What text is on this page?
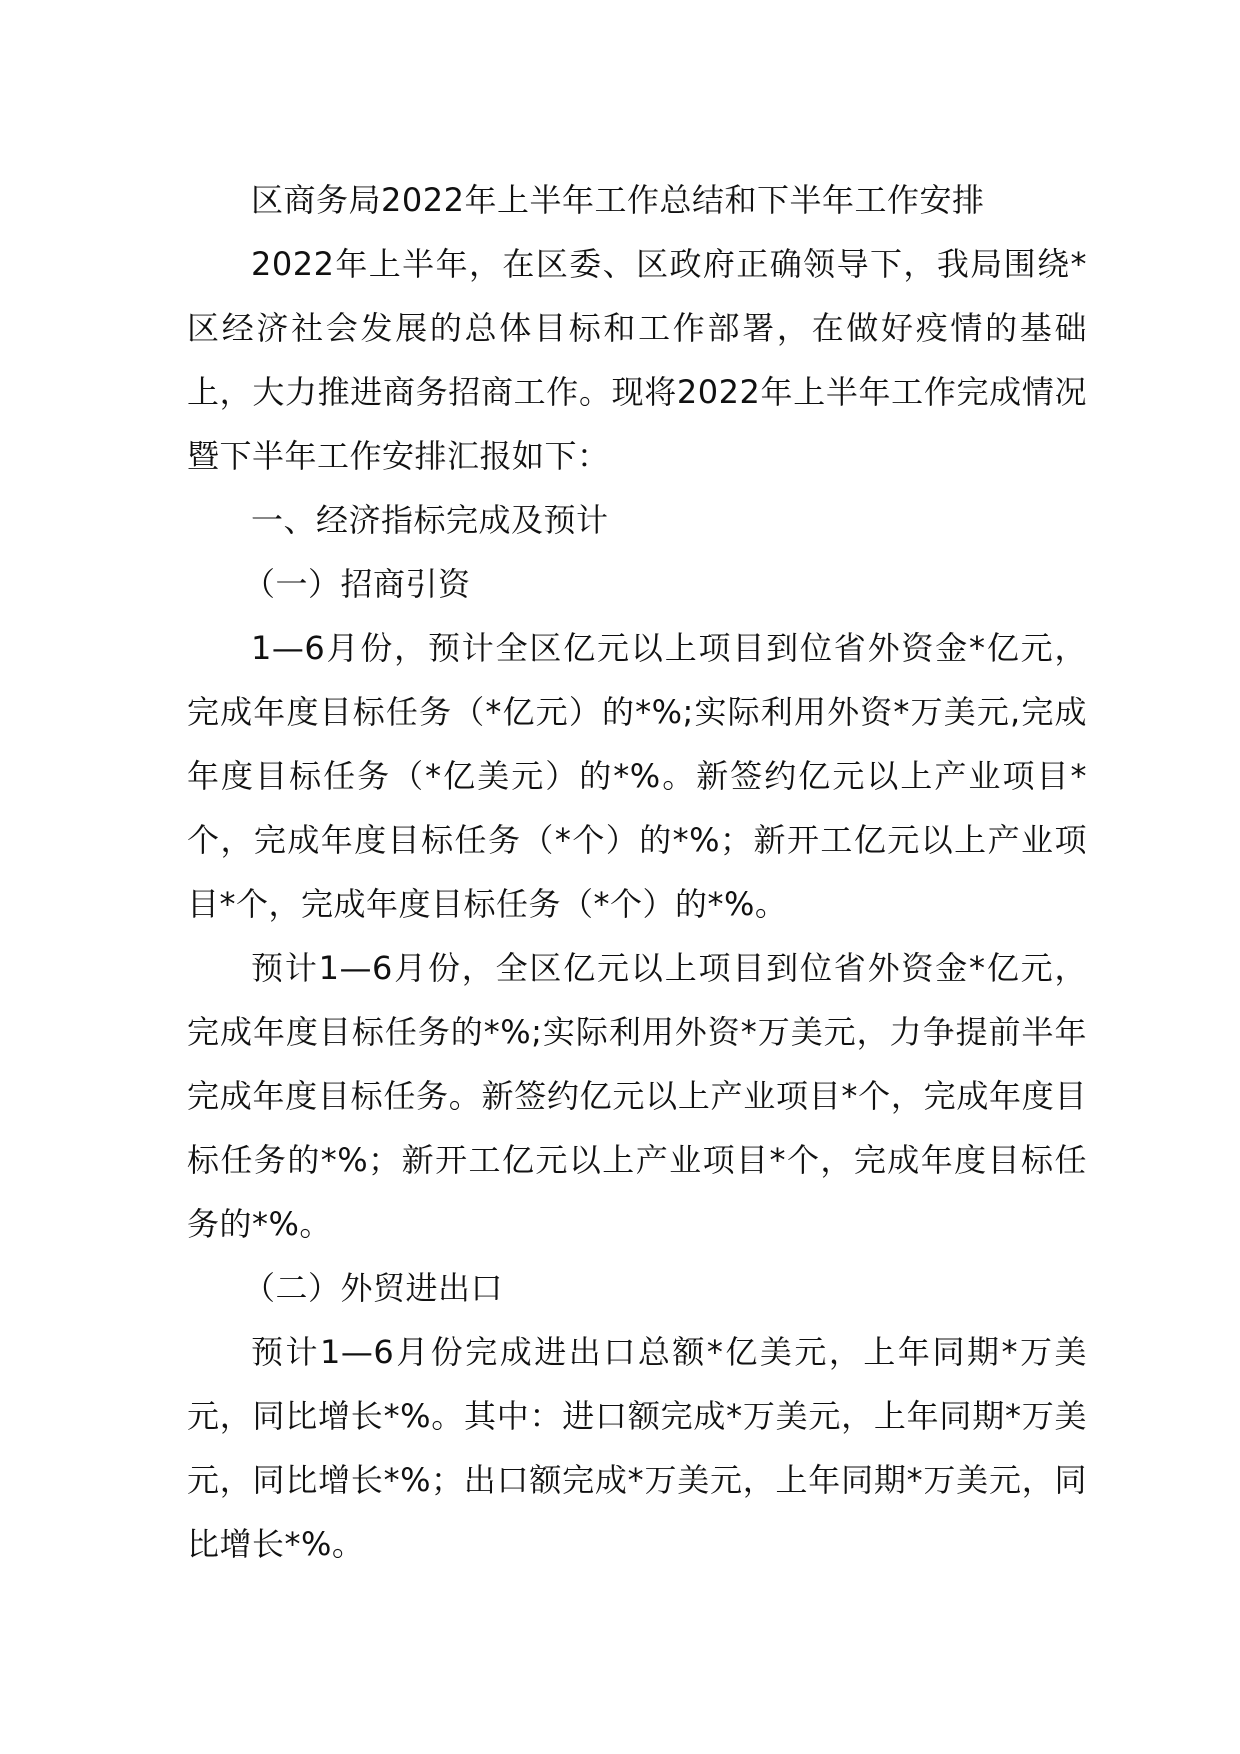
区商务局2022年上半年工作总结和下半年工作安排

2022年上半年，在区委、区政府正确领导下，我局围绕*区经济社会发展的总体目标和工作部署，在做好疫情的基础上，大力推进商务招商工作。现将2022年上半年工作完成情况暨下半年工作安排汇报如下：

一、经济指标完成及预计

（一）招商引资

1—6月份，预计全区亿元以上项目到位省外资金*亿元，完成年度目标任务（*亿元）的*%;实际利用外资*万美元,完成年度目标任务（*亿美元）的*%。新签约亿元以上产业项目*个，完成年度目标任务（*个）的*%；新开工亿元以上产业项目*个，完成年度目标任务（*个）的*%。

预计1—6月份，全区亿元以上项目到位省外资金*亿元，完成年度目标任务的*%;实际利用外资*万美元，力争提前半年完成年度目标任务。新签约亿元以上产业项目*个，完成年度目标任务的*%；新开工亿元以上产业项目*个，完成年度目标任务的*%。

（二）外贸进出口

预计1—6月份完成进出口总额*亿美元，上年同期*万美元，同比增长*%。其中：进口额完成*万美元，上年同期*万美元，同比增长*%；出口额完成*万美元，上年同期*万美元，同比增长*%。
